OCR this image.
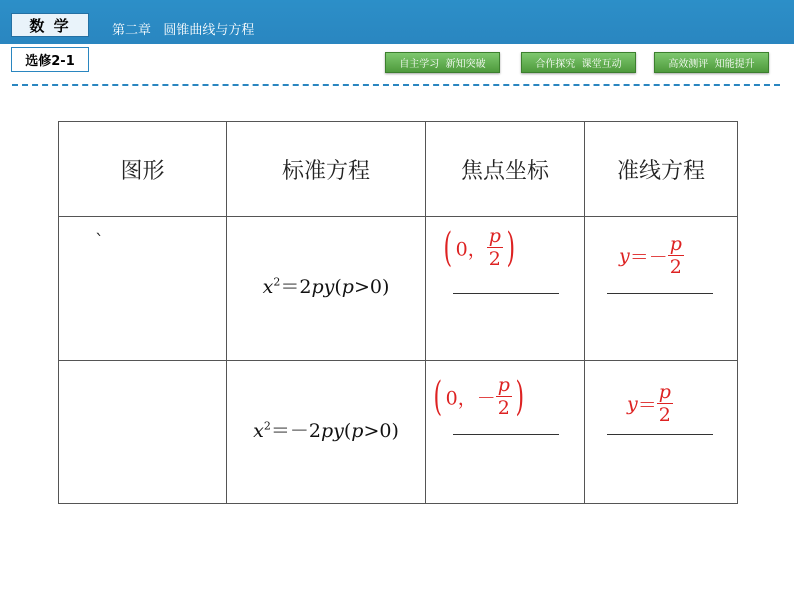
数 学
选修2-1
第二章   圆锥曲线与方程
自主学习  新知突破	合作探究  课堂互动	高效测评  知能提升
图形	标准方程	焦点坐标	准线方程

`	$x^2=2py(p>0)$	( 0， $\frac{p}{2}$ )	$y=- \frac{p}{2}$

	$x^2=-2py(p>0)$	( 0，－ $\frac{p}{2}$ )	$y= \frac{p}{2}$
